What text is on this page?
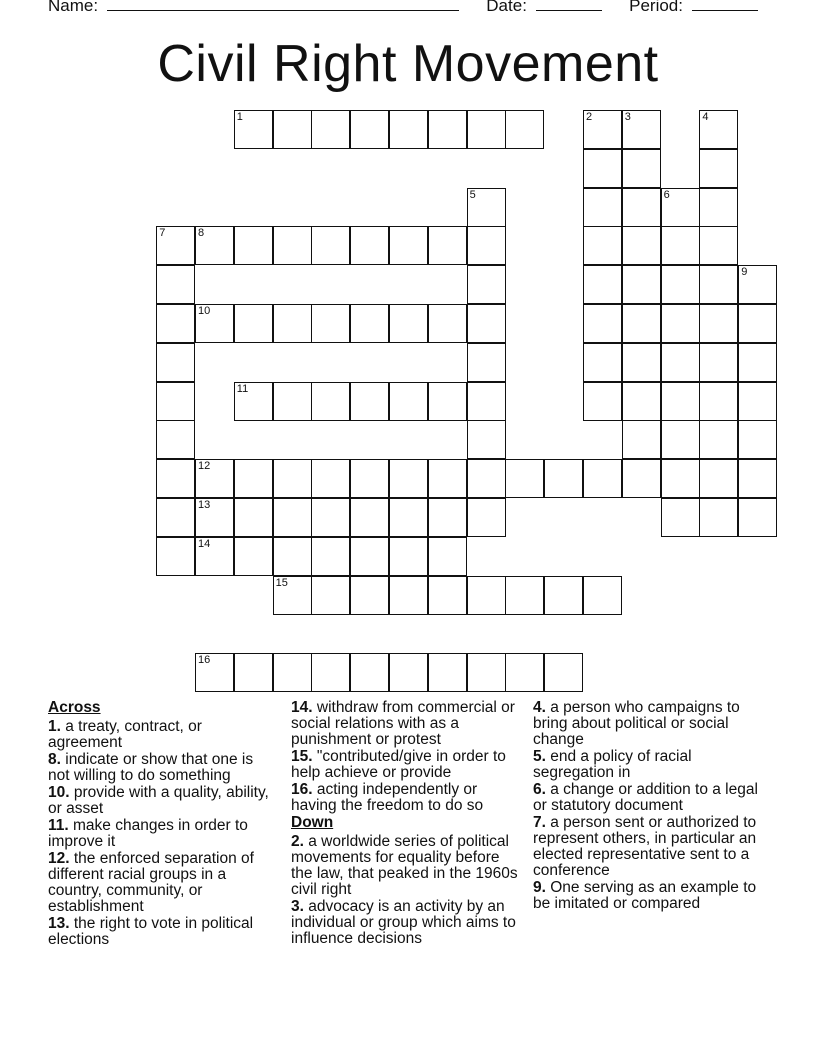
Name:	Date:	Period:
Civil Right Movement
1	2	3	4
5	6
7	8
9
10
11
12
13
14
15
16
Across
1. a treaty, contract, or agreement
8. indicate or show that one is not willing to do something
10. provide with a quality, ability, or asset
11. make changes in order to improve it
12. the enforced separation of different racial groups in a country, community, or establishment
13. the right to vote in political elections
14. withdraw from commercial or social relations with as a punishment or protest
15. "contributed/give in order to help achieve or provide
16. acting independently or having the freedom to do so
Down
2. a worldwide series of political movements for equality before the law, that peaked in the 1960s civil right
3. advocacy is an activity by an individual or group which aims to influence decisions
4. a person who campaigns to bring about political or social change
5. end a policy of racial segregation in
6. a change or addition to a legal or statutory document
7. a person sent or authorized to represent others, in particular an elected representative sent to a conference
9. One serving as an example to be imitated or compared
